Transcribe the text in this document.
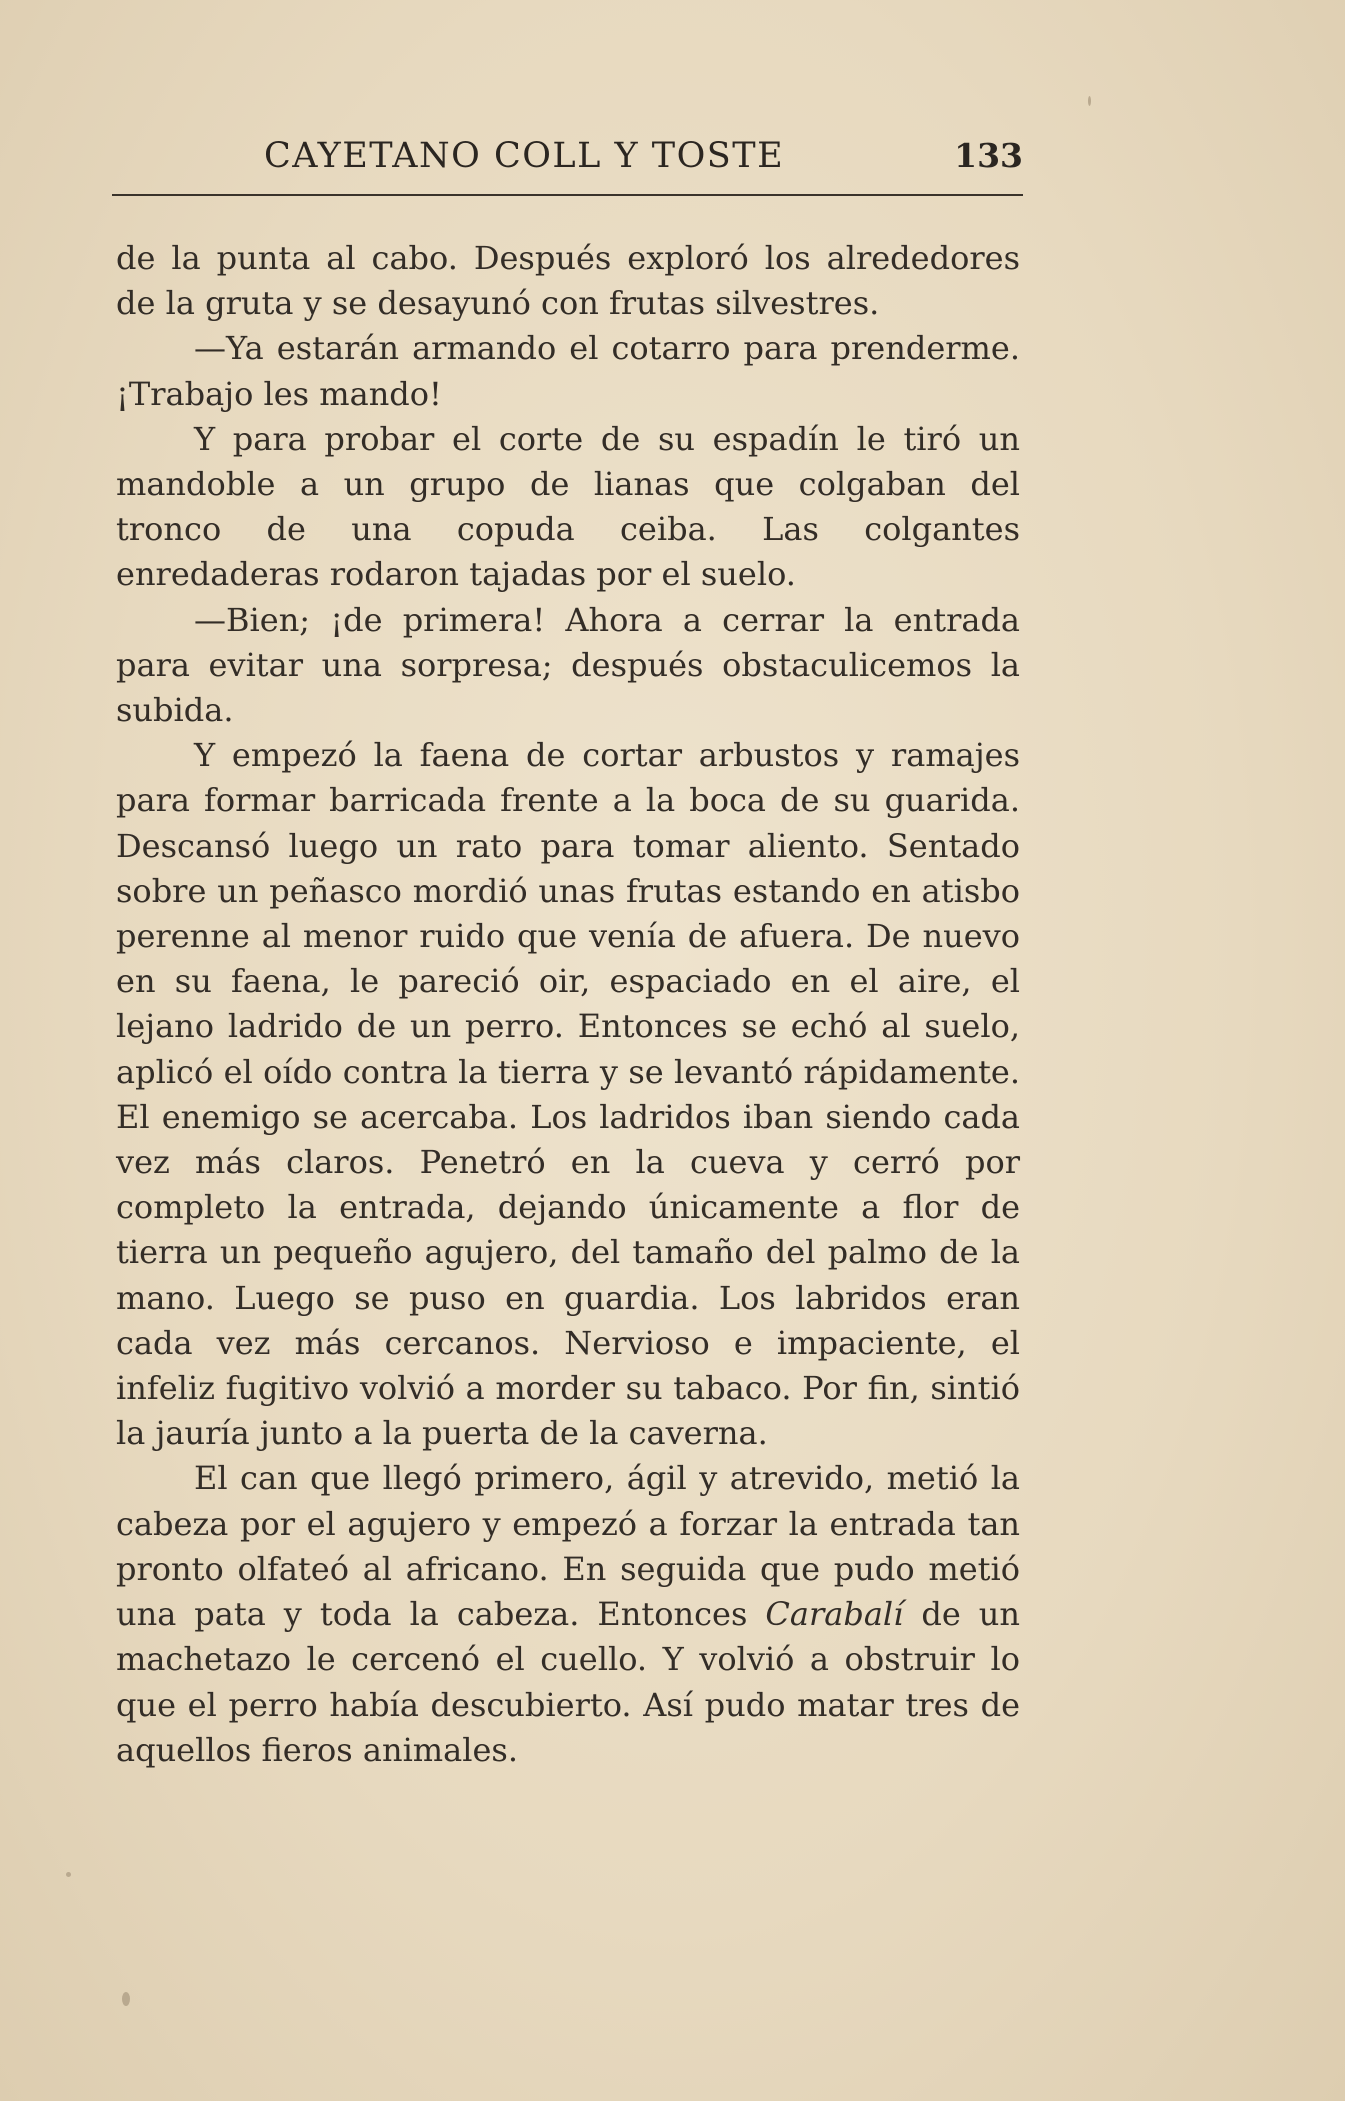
CAYETANO COLL Y TOSTE	133

de la punta al cabo. Después exploró los alrededores de la gruta y se desayunó con frutas silvestres.

—Ya estarán armando el cotarro para prenderme. ¡Trabajo les mando!

Y para probar el corte de su espadín le tiró un mandoble a un grupo de lianas que colgaban del tronco de una copuda ceiba. Las colgantes enredaderas rodaron tajadas por el suelo.

—Bien; ¡de primera! Ahora a cerrar la entrada para evitar una sorpresa; después obstaculicemos la subida.

Y empezó la faena de cortar arbustos y ramajes para formar barricada frente a la boca de su guarida. Descansó luego un rato para tomar aliento. Sentado sobre un peñasco mordió unas frutas estando en atisbo perenne al menor ruido que venía de afuera. De nuevo en su faena, le pareció oir, espaciado en el aire, el lejano ladrido de un perro. Entonces se echó al suelo, aplicó el oído contra la tierra y se levantó rápidamente. El enemigo se acercaba. Los ladridos iban siendo cada vez más claros. Penetró en la cueva y cerró por completo la entrada, dejando únicamente a flor de tierra un pequeño agujero, del tamaño del palmo de la mano. Luego se puso en guardia. Los labridos eran cada vez más cercanos. Nervioso e impaciente, el infeliz fugitivo volvió a morder su tabaco. Por fin, sintió la jauría junto a la puerta de la caverna.

El can que llegó primero, ágil y atrevido, metió la cabeza por el agujero y empezó a forzar la entrada tan pronto olfateó al africano. En seguida que pudo metió una pata y toda la cabeza. Entonces Carabalí de un machetazo le cercenó el cuello. Y volvió a obstruir lo que el perro había descubierto. Así pudo matar tres de aquellos fieros animales.
